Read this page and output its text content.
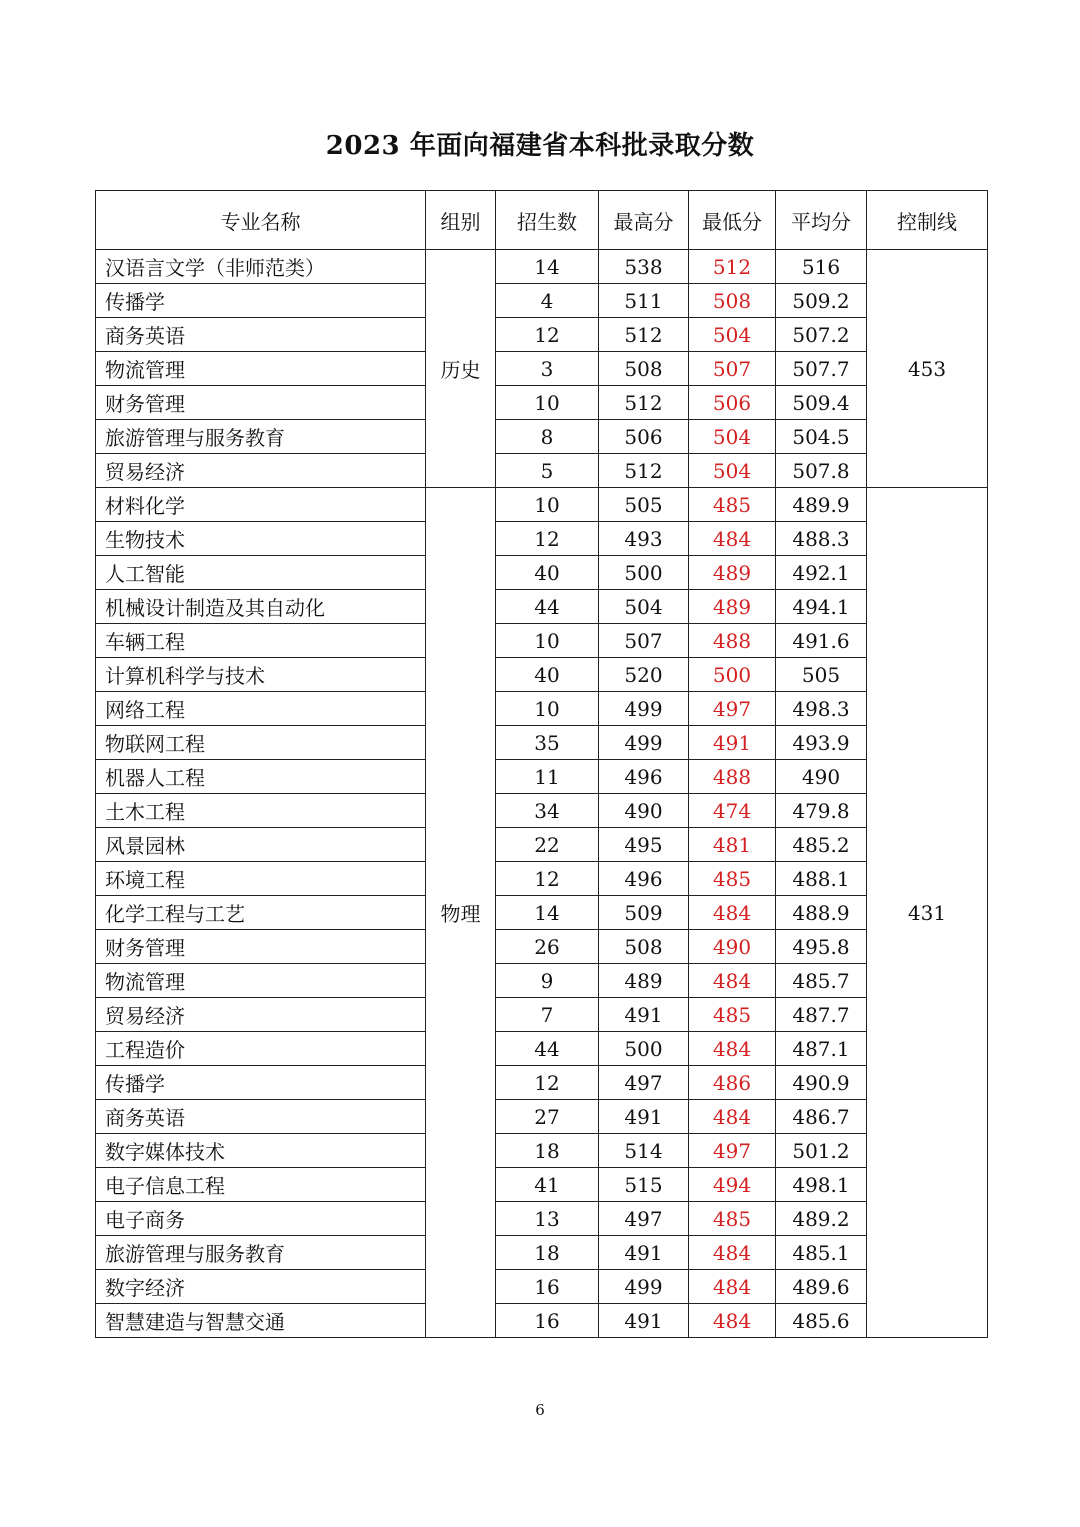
2023 年面向福建省本科批录取分数
专业名称	组别	招生数	最高分	最低分	平均分	控制线
汉语言文学（非师范类）	历史	14	538	512	516	453
传播学		4	511	508	509.2	
商务英语		12	512	504	507.2	
物流管理		3	508	507	507.7	
财务管理		10	512	506	509.4	
旅游管理与服务教育		8	506	504	504.5	
贸易经济		5	512	504	507.8	
材料化学	物理	10	505	485	489.9	431
生物技术		12	493	484	488.3	
人工智能		40	500	489	492.1	
机械设计制造及其自动化		44	504	489	494.1	
车辆工程		10	507	488	491.6	
计算机科学与技术		40	520	500	505	
网络工程		10	499	497	498.3	
物联网工程		35	499	491	493.9	
机器人工程		11	496	488	490	
土木工程		34	490	474	479.8	
风景园林		22	495	481	485.2	
环境工程		12	496	485	488.1	
化学工程与工艺		14	509	484	488.9	
财务管理		26	508	490	495.8	
物流管理		9	489	484	485.7	
贸易经济		7	491	485	487.7	
工程造价		44	500	484	487.1	
传播学		12	497	486	490.9	
商务英语		27	491	484	486.7	
数字媒体技术		18	514	497	501.2	
电子信息工程		41	515	494	498.1	
电子商务		13	497	485	489.2	
旅游管理与服务教育		18	491	484	485.1	
数字经济		16	499	484	489.6	
智慧建造与智慧交通		16	491	484	485.6	
6
